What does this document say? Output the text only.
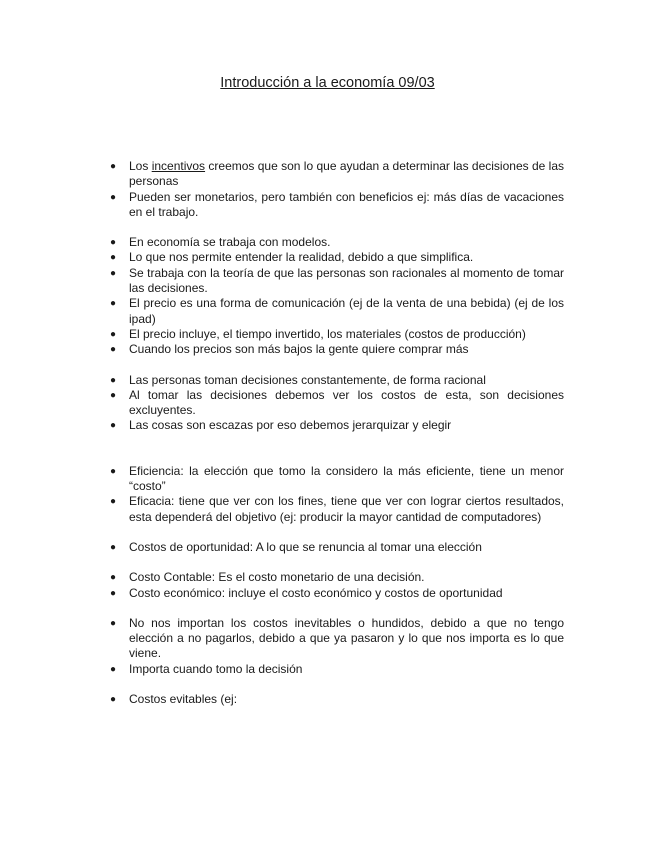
Introducción a la economía 09/03
● Los incentivos creemos que son lo que ayudan a determinar las decisiones de las personas
● Pueden ser monetarios, pero también con beneficios ej: más días de vacaciones en el trabajo.
● En economía se trabaja con modelos.
● Lo que nos permite entender la realidad, debido a que simplifica.
● Se trabaja con la teoría de que las personas son racionales al momento de tomar las decisiones.
● El precio es una forma de comunicación (ej de la venta de una bebida) (ej de los ipad)
● El precio incluye, el tiempo invertido, los materiales (costos de producción)
● Cuando los precios son más bajos la gente quiere comprar más
● Las personas toman decisiones constantemente, de forma racional
● Al tomar las decisiones debemos ver los costos de esta, son decisiones excluyentes.
● Las cosas son escazas por eso debemos jerarquizar y elegir
● Eficiencia: la elección que tomo la considero la más eficiente, tiene un menor “costo”
● Eficacia: tiene que ver con los fines, tiene que ver con lograr ciertos resultados, esta dependerá del objetivo (ej: producir la mayor cantidad de computadores)
● Costos de oportunidad: A lo que se renuncia al tomar una elección
● Costo Contable: Es el costo monetario de una decisión.
● Costo económico: incluye el costo económico y costos de oportunidad
● No nos importan los costos inevitables o hundidos, debido a que no tengo elección a no pagarlos, debido a que ya pasaron y lo que nos importa es lo que viene.
● Importa cuando tomo la decisión
● Costos evitables (ej:
